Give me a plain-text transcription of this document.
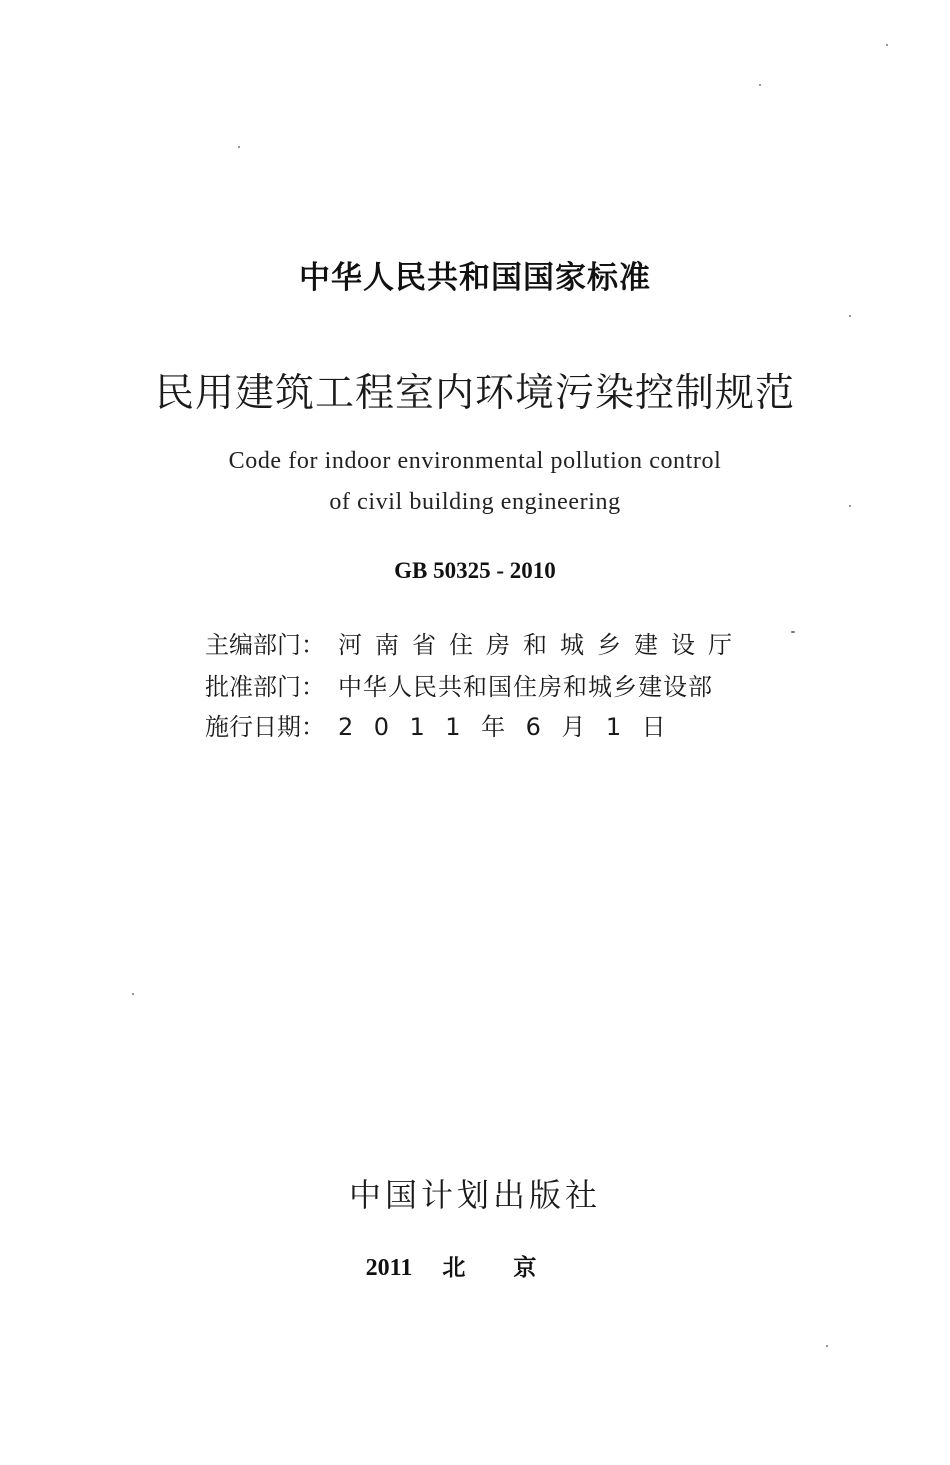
中华人民共和国国家标准
民用建筑工程室内环境污染控制规范
Code for indoor environmental pollution control
of civil building engineering
GB 50325 - 2010
主编部门： 河南省住房和城乡建设厅
批准部门： 中华人民共和国住房和城乡建设部
施行日期： 2011年6月1日
中国计划出版社
2011 北京
